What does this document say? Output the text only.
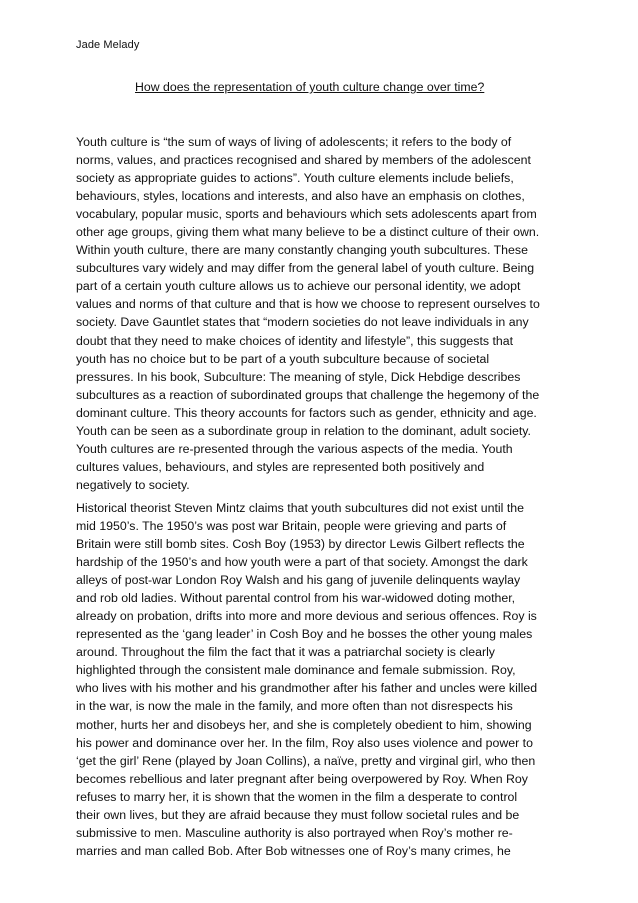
Jade Melady
How does the representation of youth culture change over time?
Youth culture is “the sum of ways of living of adolescents; it refers to the body of
norms, values, and practices recognised and shared by members of the adolescent
society as appropriate guides to actions”. Youth culture elements include beliefs,
behaviours, styles, locations and interests, and also have an emphasis on clothes,
vocabulary, popular music, sports and behaviours which sets adolescents apart from
other age groups, giving them what many believe to be a distinct culture of their own.
Within youth culture, there are many constantly changing youth subcultures. These
subcultures vary widely and may differ from the general label of youth culture. Being
part of a certain youth culture allows us to achieve our personal identity, we adopt
values and norms of that culture and that is how we choose to represent ourselves to
society. Dave Gauntlet states that “modern societies do not leave individuals in any
doubt that they need to make choices of identity and lifestyle”, this suggests that
youth has no choice but to be part of a youth subculture because of societal
pressures. In his book, Subculture: The meaning of style, Dick Hebdige describes
subcultures as a reaction of subordinated groups that challenge the hegemony of the
dominant culture. This theory accounts for factors such as gender, ethnicity and age.
Youth can be seen as a subordinate group in relation to the dominant, adult society.
Youth cultures are re-presented through the various aspects of the media. Youth
cultures values, behaviours, and styles are represented both positively and
negatively to society.
Historical theorist Steven Mintz claims that youth subcultures did not exist until the
mid 1950’s. The 1950’s was post war Britain, people were grieving and parts of
Britain were still bomb sites. Cosh Boy (1953) by director Lewis Gilbert reflects the
hardship of the 1950’s and how youth were a part of that society. Amongst the dark
alleys of post-war London Roy Walsh and his gang of juvenile delinquents waylay
and rob old ladies. Without parental control from his war-widowed doting mother,
already on probation, drifts into more and more devious and serious offences. Roy is
represented as the ‘gang leader’ in Cosh Boy and he bosses the other young males
around. Throughout the film the fact that it was a patriarchal society is clearly
highlighted through the consistent male dominance and female submission. Roy,
who lives with his mother and his grandmother after his father and uncles were killed
in the war, is now the male in the family, and more often than not disrespects his
mother, hurts her and disobeys her, and she is completely obedient to him, showing
his power and dominance over her. In the film, Roy also uses violence and power to
‘get the girl’ Rene (played by Joan Collins), a naïve, pretty and virginal girl, who then
becomes rebellious and later pregnant after being overpowered by Roy. When Roy
refuses to marry her, it is shown that the women in the film a desperate to control
their own lives, but they are afraid because they must follow societal rules and be
submissive to men. Masculine authority is also portrayed when Roy’s mother re-
marries and man called Bob. After Bob witnesses one of Roy’s many crimes, he
